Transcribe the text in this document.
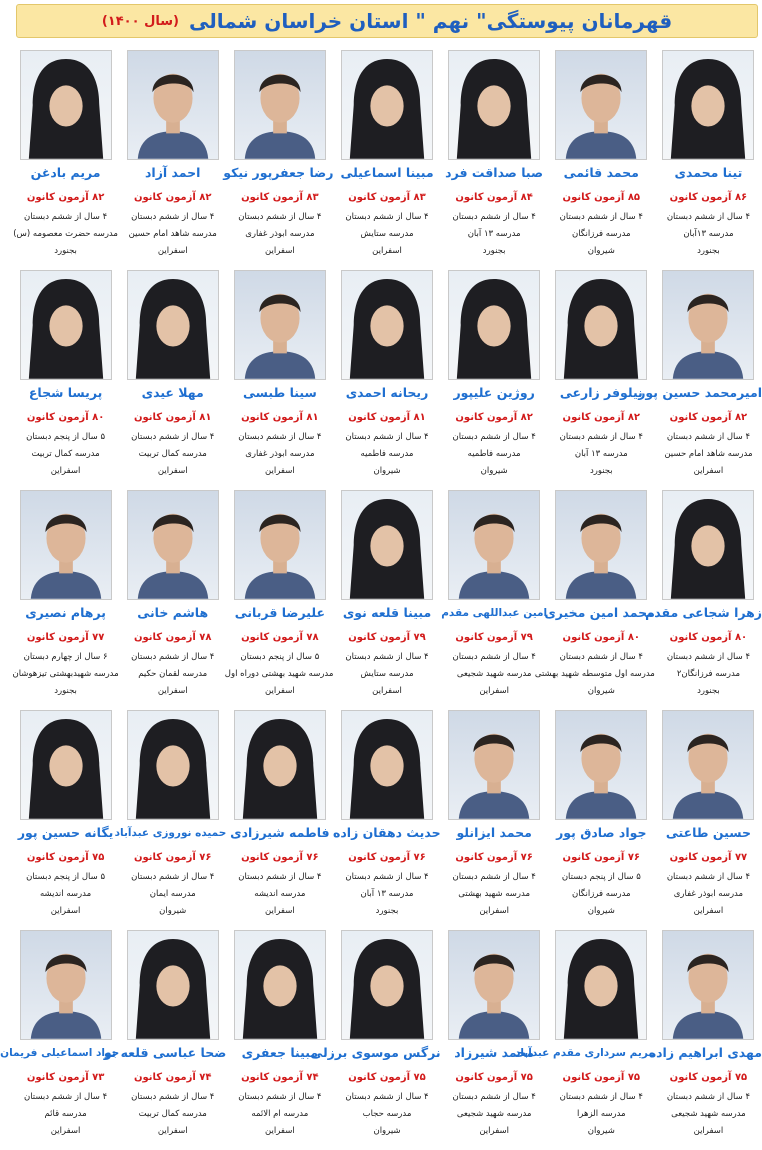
قهرمانان پیوستگی" نهم " استان خراسان شمالی
(سال ۱۴۰۰)
تینا محمدی
۸۶ آزمون کانون
۴ سال از ششم دبستان
مدرسه ۱۳آبان
بجنورد
محمد قائمی
۸۵ آزمون کانون
۴ سال از ششم دبستان
مدرسه فرزانگان
شیروان
صبا صداقت فرد
۸۴ آزمون کانون
۴ سال از ششم دبستان
مدرسه ۱۳ آبان
بجنورد
مبینا اسماعیلی
۸۳ آزمون کانون
۴ سال از ششم دبستان
مدرسه ستایش
اسفراین
رضا جعفرپور نیکو
۸۳ آزمون کانون
۴ سال از ششم دبستان
مدرسه ابوذر غفاری
اسفراین
احمد آزاد
۸۲ آزمون کانون
۴ سال از ششم دبستان
مدرسه شاهد امام حسین
اسفراین
مریم بادغن
۸۲ آزمون کانون
۴ سال از ششم دبستان
مدرسه حضرت معصومه (س)
بجنورد
امیرمحمد حسین پور
۸۲ آزمون کانون
۴ سال از ششم دبستان
مدرسه شاهد امام حسین
اسفراین
نیلوفر زارعی
۸۲ آزمون کانون
۴ سال از ششم دبستان
مدرسه ۱۳ آبان
بجنورد
روژین علیپور
۸۲ آزمون کانون
۴ سال از ششم دبستان
مدرسه فاطمیه
شیروان
ریحانه احمدی
۸۱ آزمون کانون
۴ سال از ششم دبستان
مدرسه فاطمیه
شیروان
سینا طبسی
۸۱ آزمون کانون
۴ سال از ششم دبستان
مدرسه ابوذر غفاری
اسفراین
مهلا عیدی
۸۱ آزمون کانون
۴ سال از ششم دبستان
مدرسه کمال تربیت
اسفراین
پریسا شجاع
۸۰ آزمون کانون
۵ سال از پنجم دبستان
مدرسه کمال تربیت
اسفراین
زهرا شجاعی مقدم
۸۰ آزمون کانون
۴ سال از ششم دبستان
مدرسه فرزانگان۲
بجنورد
محمد امین مخیری
۸۰ آزمون کانون
۴ سال از ششم دبستان
مدرسه اول متوسطه شهید بهشتی
شیروان
امین عبداللهی مقدم
۷۹ آزمون کانون
۴ سال از ششم دبستان
مدرسه شهید شجیعی
اسفراین
مبینا قلعه نوی
۷۹ آزمون کانون
۴ سال از ششم دبستان
مدرسه ستایش
اسفراین
علیرضا قربانی
۷۸ آزمون کانون
۵ سال از پنجم دبستان
مدرسه شهید بهشتی دوراه اول
اسفراین
هاشم خانی
۷۸ آزمون کانون
۴ سال از ششم دبستان
مدرسه لقمان حکیم
اسفراین
پرهام نصیری
۷۷ آزمون کانون
۶ سال از چهارم دبستان
مدرسه شهیدبهشتی تیزهوشان
بجنورد
حسین طاعتی
۷۷ آزمون کانون
۴ سال از ششم دبستان
مدرسه ابوذر غفاری
اسفراین
جواد صادق پور
۷۶ آزمون کانون
۵ سال از پنجم دبستان
مدرسه فرزانگان
شیروان
محمد ایزانلو
۷۶ آزمون کانون
۴ سال از ششم دبستان
مدرسه شهید بهشتی
اسفراین
حدیث دهقان زاده
۷۶ آزمون کانون
۴ سال از ششم دبستان
مدرسه ۱۳ آبان
بجنورد
فاطمه شیرزادی
۷۶ آزمون کانون
۴ سال از ششم دبستان
مدرسه اندیشه
اسفراین
حمیده نوروزی عبدآباد
۷۶ آزمون کانون
۴ سال از ششم دبستان
مدرسه ایمان
شیروان
یگانه حسین پور
۷۵ آزمون کانون
۵ سال از پنجم دبستان
مدرسه اندیشه
اسفراین
مهدی ابراهیم زاده
۷۵ آزمون کانون
۴ سال از ششم دبستان
مدرسه شهید شجیعی
اسفراین
مریم سرداری مقدم عبدآباد
۷۵ آزمون کانون
۴ سال از ششم دبستان
مدرسه الزهرا
شیروان
محمد شیرزاد
۷۵ آزمون کانون
۴ سال از ششم دبستان
مدرسه شهید شجیعی
اسفراین
نرگس موسوی برزلی
۷۵ آزمون کانون
۴ سال از ششم دبستان
مدرسه حجاب
شیروان
مبینا جعفری
۷۴ آزمون کانون
۴ سال از ششم دبستان
مدرسه ام الائمه
اسفراین
ضحا عباسی قلعه نو
۷۴ آزمون کانون
۴ سال از ششم دبستان
مدرسه کمال تربیت
اسفراین
جواد اسماعیلی فریمان
۷۳ آزمون کانون
۴ سال از ششم دبستان
مدرسه قائم
اسفراین
